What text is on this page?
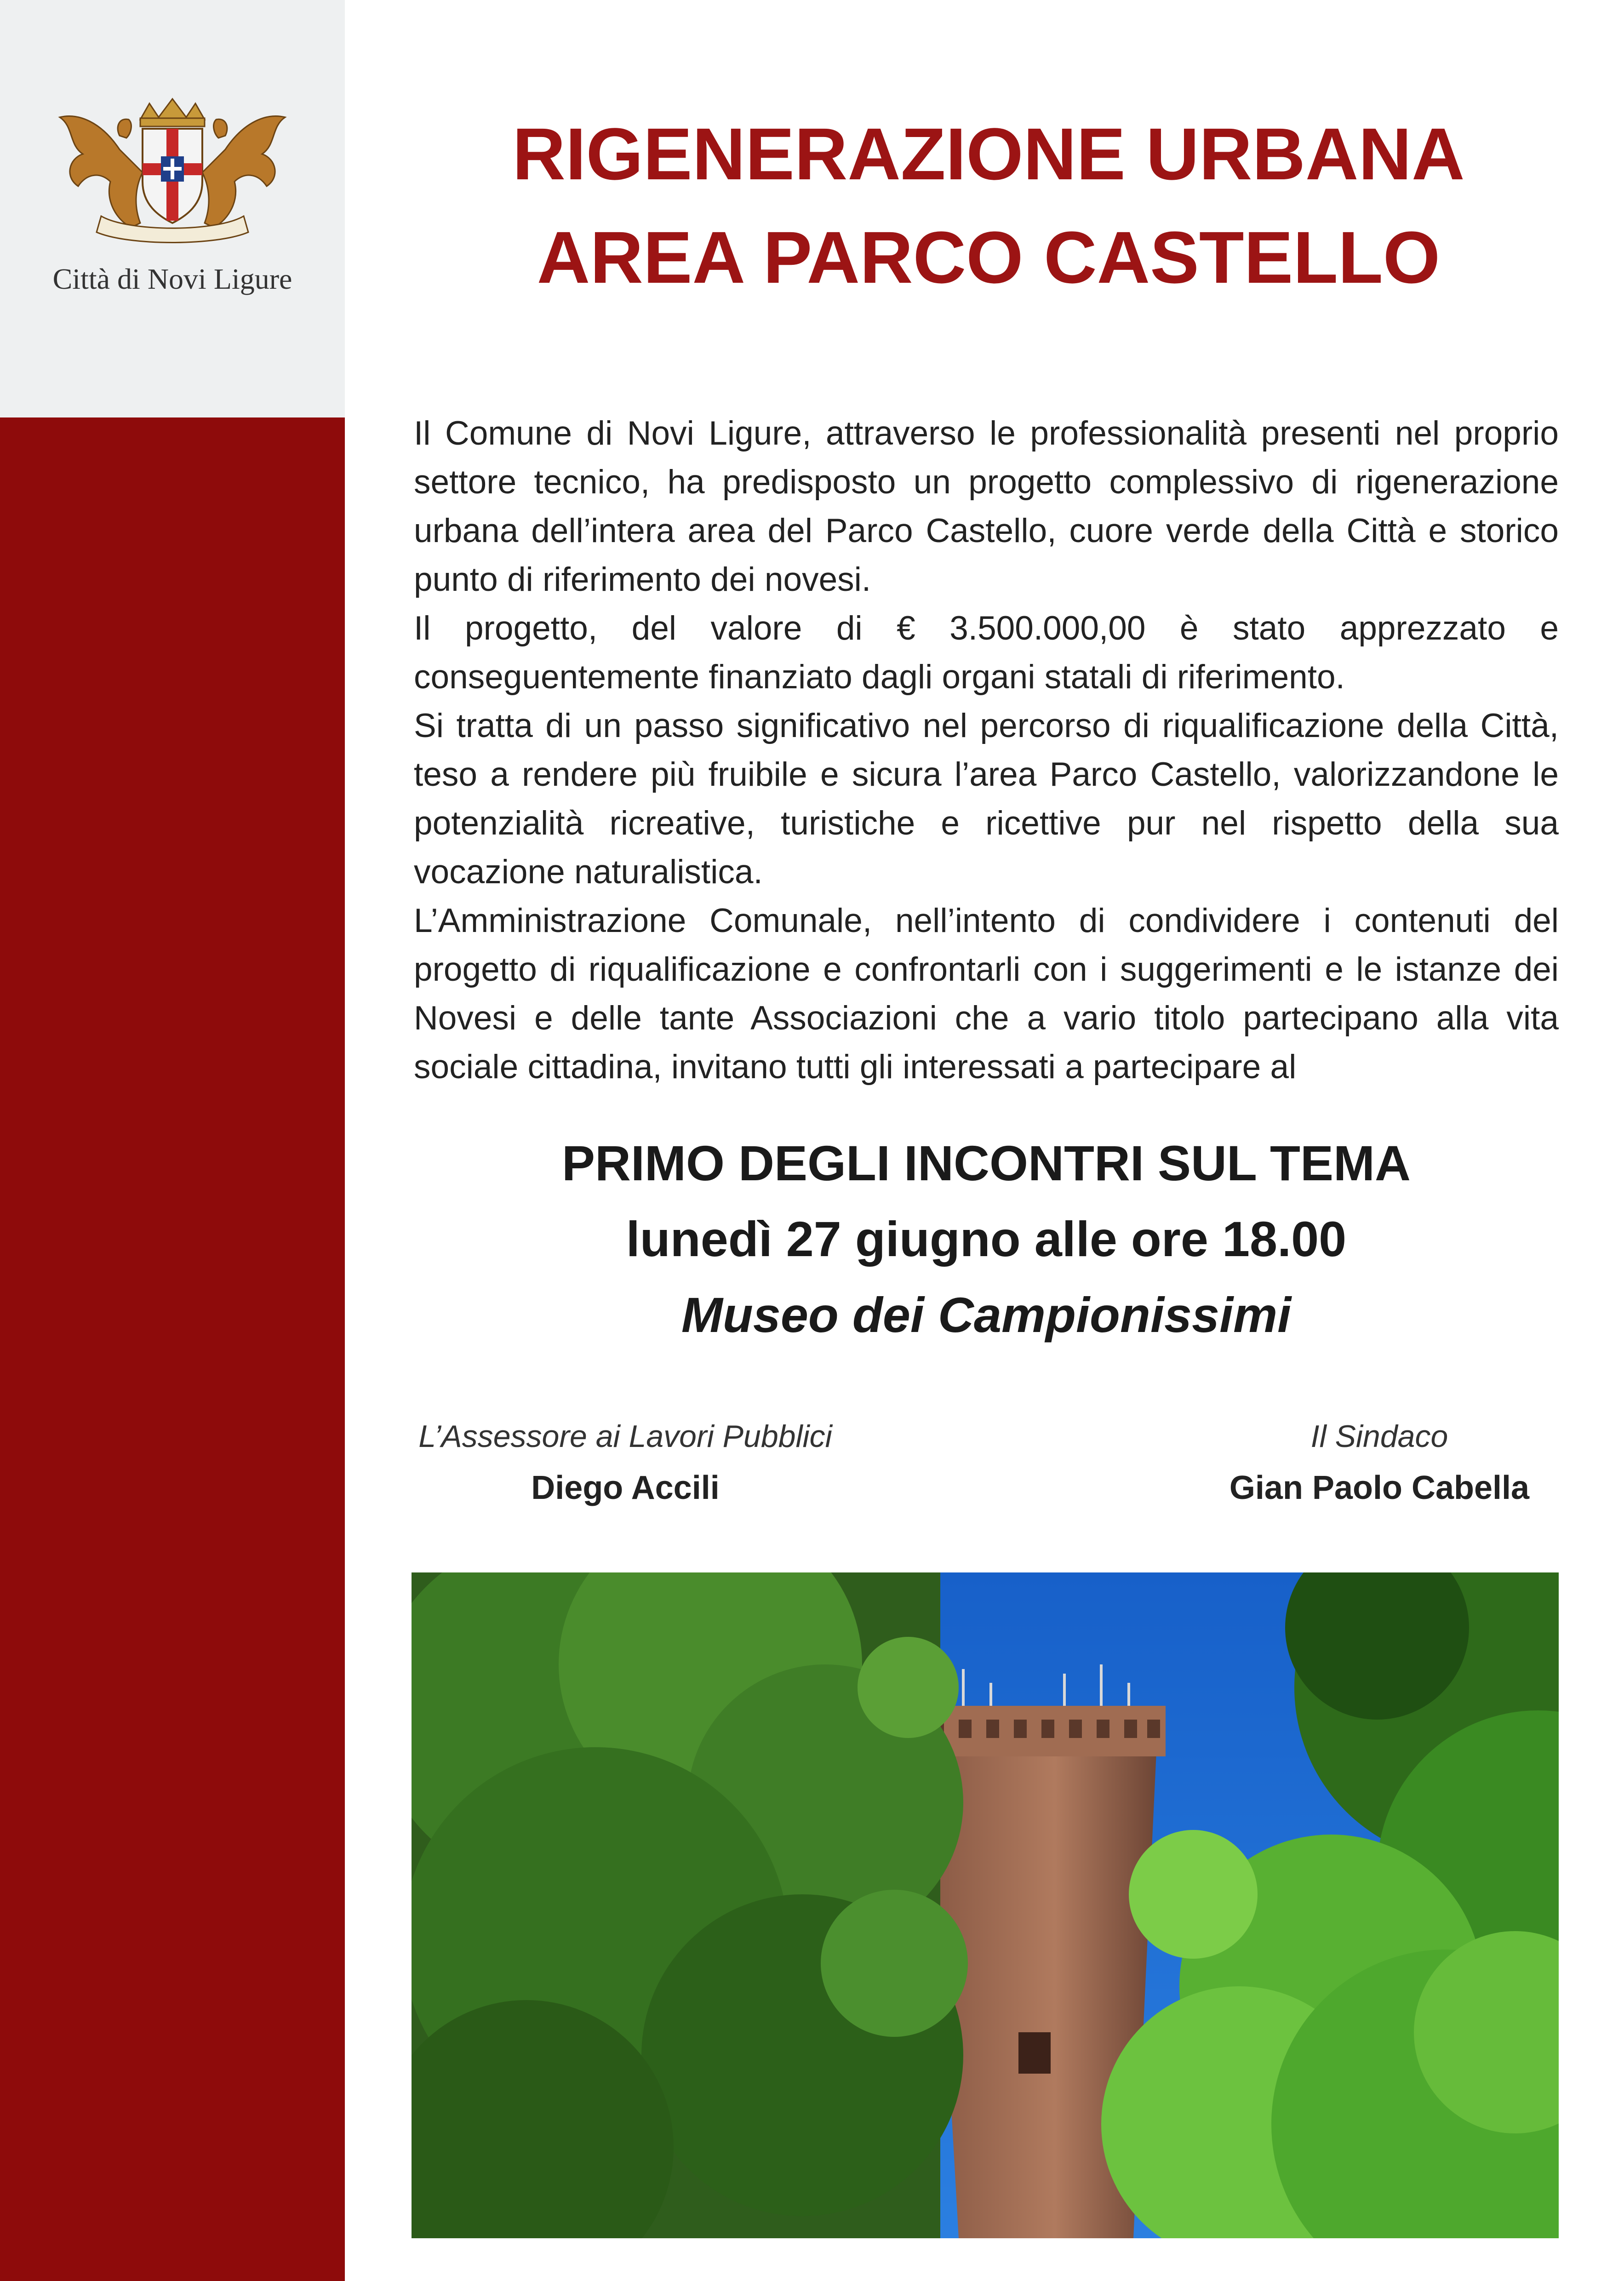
Città di Novi Ligure

RIGENERAZIONE URBANA
AREA PARCO CASTELLO

Il Comune di Novi Ligure, attraverso le professionalità presenti nel proprio settore tecnico, ha predisposto un progetto complessivo di rigenerazione urbana dell’intera area del Parco Castello, cuore verde della Città e storico punto di riferimento dei novesi.

Il progetto, del valore di € 3.500.000,00 è stato apprezzato e conseguentemente finanziato dagli organi statali di riferimento.

Si tratta di un passo significativo nel percorso di riqualificazione della Città, teso a rendere più fruibile e sicura l’area Parco Castello, valorizzandone le potenzialità ricreative, turistiche e ricettive pur nel rispetto della sua vocazione naturalistica.

L’Amministrazione Comunale, nell’intento di condividere i contenuti del progetto di riqualificazione e confrontarli con i suggerimenti e le istanze dei Novesi e delle tante Associazioni che a vario titolo partecipano alla vita sociale cittadina, invitano tutti gli interessati a partecipare al

PRIMO DEGLI INCONTRI SUL TEMA

lunedì 27 giugno alle ore 18.00

Museo dei Campionissimi

L’Assessore ai Lavori Pubblici

Diego Accili

Il Sindaco

Gian Paolo Cabella
